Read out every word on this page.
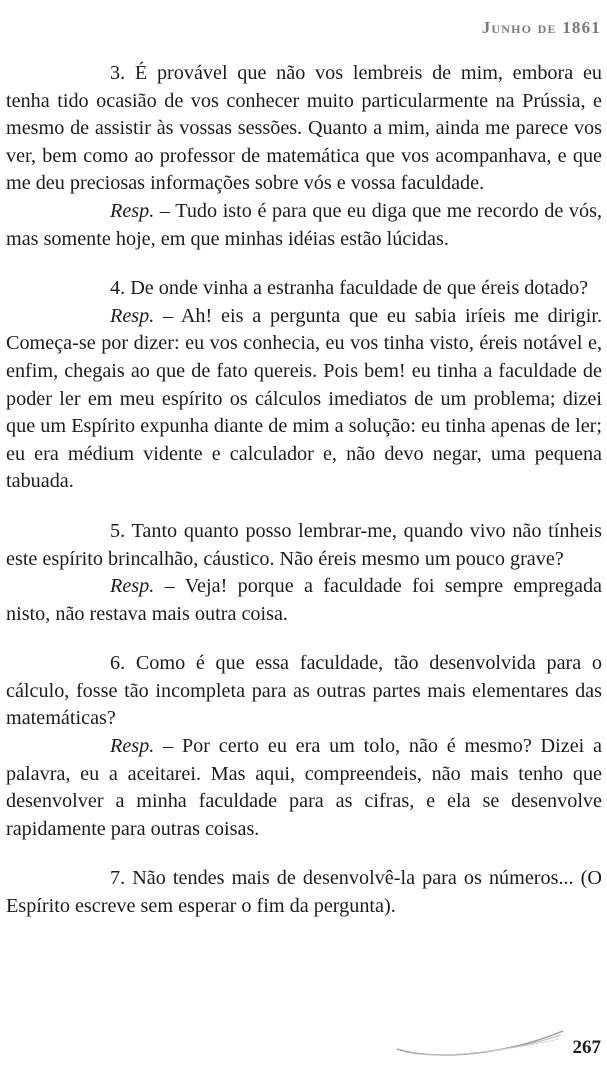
Junho de 1861

3. É provável que não vos lembreis de mim, embora eu tenha tido ocasião de vos conhecer muito particularmente na Prússia, e mesmo de assistir às vossas sessões. Quanto a mim, ainda me parece vos ver, bem como ao professor de matemática que vos acompanhava, e que me deu preciosas informações sobre vós e vossa faculdade.

Resp. – Tudo isto é para que eu diga que me recordo de vós, mas somente hoje, em que minhas idéias estão lúcidas.

4. De onde vinha a estranha faculdade de que éreis dotado?

Resp. – Ah! eis a pergunta que eu sabia iríeis me dirigir. Começa-se por dizer: eu vos conhecia, eu vos tinha visto, éreis notável e, enfim, chegais ao que de fato quereis. Pois bem! eu tinha a faculdade de poder ler em meu espírito os cálculos imediatos de um problema; dizei que um Espírito expunha diante de mim a solução: eu tinha apenas de ler; eu era médium vidente e calculador e, não devo negar, uma pequena tabuada.

5. Tanto quanto posso lembrar-me, quando vivo não tínheis este espírito brincalhão, cáustico. Não éreis mesmo um pouco grave?

Resp. – Veja! porque a faculdade foi sempre empregada nisto, não restava mais outra coisa.

6. Como é que essa faculdade, tão desenvolvida para o cálculo, fosse tão incompleta para as outras partes mais elementares das matemáticas?

Resp. – Por certo eu era um tolo, não é mesmo? Dizei a palavra, eu a aceitarei. Mas aqui, compreendeis, não mais tenho que desenvolver a minha faculdade para as cifras, e ela se desenvolve rapidamente para outras coisas.

7. Não tendes mais de desenvolvê-la para os números... (O Espírito escreve sem esperar o fim da pergunta).

267
